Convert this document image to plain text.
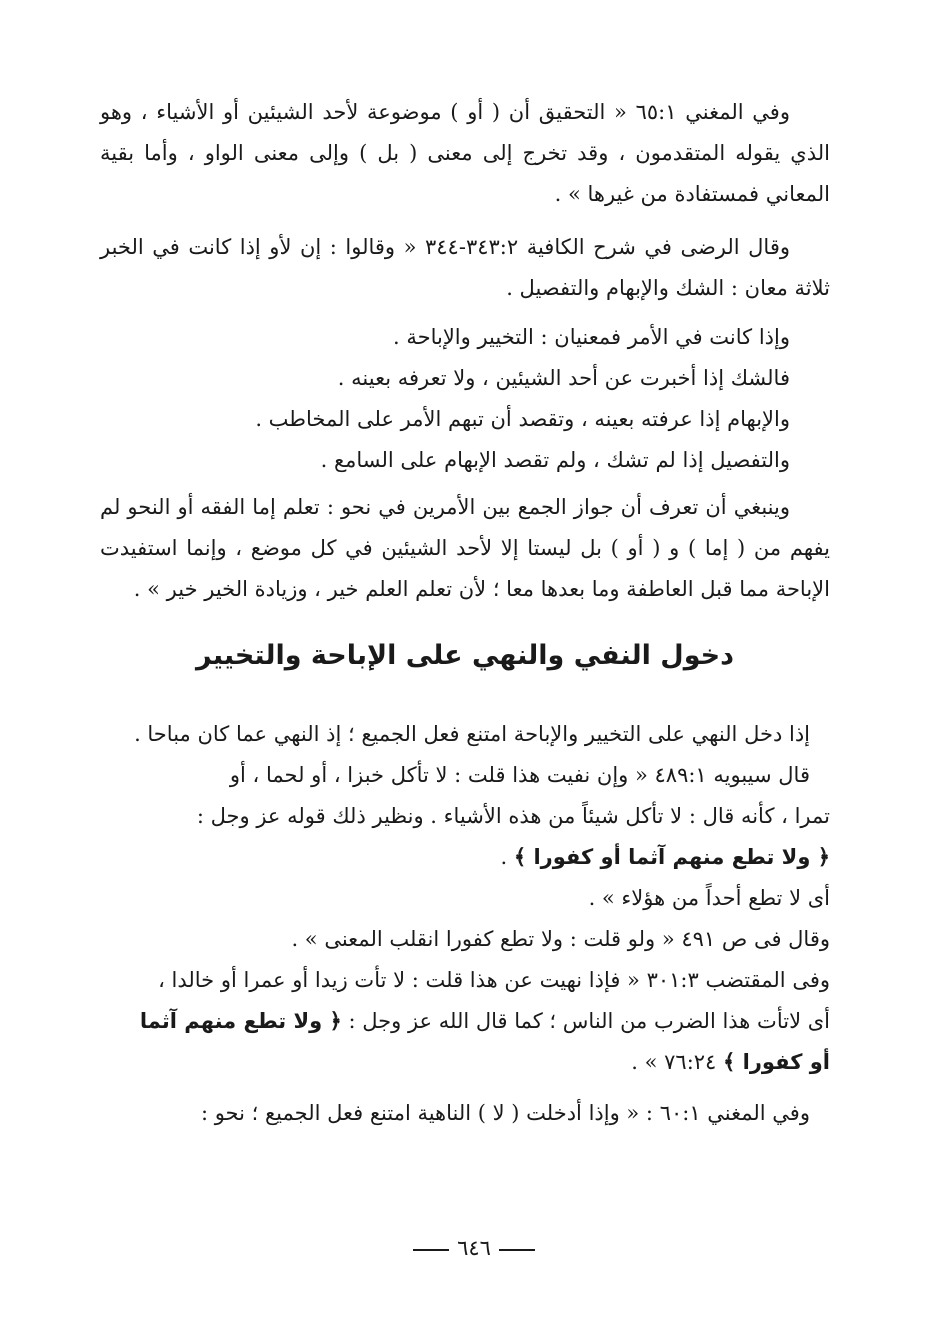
وفي المغني ٦٥:١ « التحقيق أن ( أو ) موضوعة لأحد الشيئين أو الأشياء ، وهو الذي يقوله المتقدمون ، وقد تخرج إلى معنى ( بل ) وإلى معنى الواو ، وأما بقية المعاني فمستفادة من غيرها » .

وقال الرضى في شرح الكافية ٣٤٣:٢-٣٤٤ « وقالوا : إن لأو إذا كانت في الخبر ثلاثة معان : الشك والإبهام والتفصيل .

وإذا كانت في الأمر فمعنيان : التخيير والإباحة .
فالشك إذا أخبرت عن أحد الشيئين ، ولا تعرفه بعينه .
والإبهام إذا عرفته بعينه ، وتقصد أن تبهم الأمر على المخاطب .
والتفصيل إذا لم تشك ، ولم تقصد الإبهام على السامع .

وينبغي أن تعرف أن جواز الجمع بين الأمرين في نحو : تعلم إما الفقه أو النحو لم يفهم من ( إما ) و ( أو ) بل ليستا إلا لأحد الشيئين في كل موضع ، وإنما استفيدت الإباحة مما قبل العاطفة وما بعدها معا ؛ لأن تعلم العلم خير ، وزيادة الخير خير » .

دخول النفي والنهي على الإباحة والتخيير
إذا دخل النهي على التخيير والإباحة امتنع فعل الجميع ؛ إذ النهي عما كان مباحا .
قال سيبويه ٤٨٩:١ « وإن نفيت هذا قلت : لا تأكل خبزا ، أو لحما ، أو
تمرا ، كأنه قال : لا تأكل شيئاً من هذه الأشياء . ونظير ذلك قوله عز وجل :
﴿ ولا تطع منهم آثما أو كفورا ﴾ .
أى لا تطع أحداً من هؤلاء » .
وقال فى ص ٤٩١ « ولو قلت : ولا تطع كفورا انقلب المعنى » .
وفى المقتضب ٣٠١:٣ « فإذا نهيت عن هذا قلت : لا تأت زيدا أو عمرا أو خالدا ،
أى لاتأت هذا الضرب من الناس ؛ كما قال الله عز وجل : ﴿ ولا تطع منهم آثما
أو كفورا ﴾ ٧٦:٢٤ » .
وفي المغني ٦٠:١ : « وإذا أدخلت ( لا ) الناهية امتنع فعل الجميع ؛ نحو :
٦٤٦
